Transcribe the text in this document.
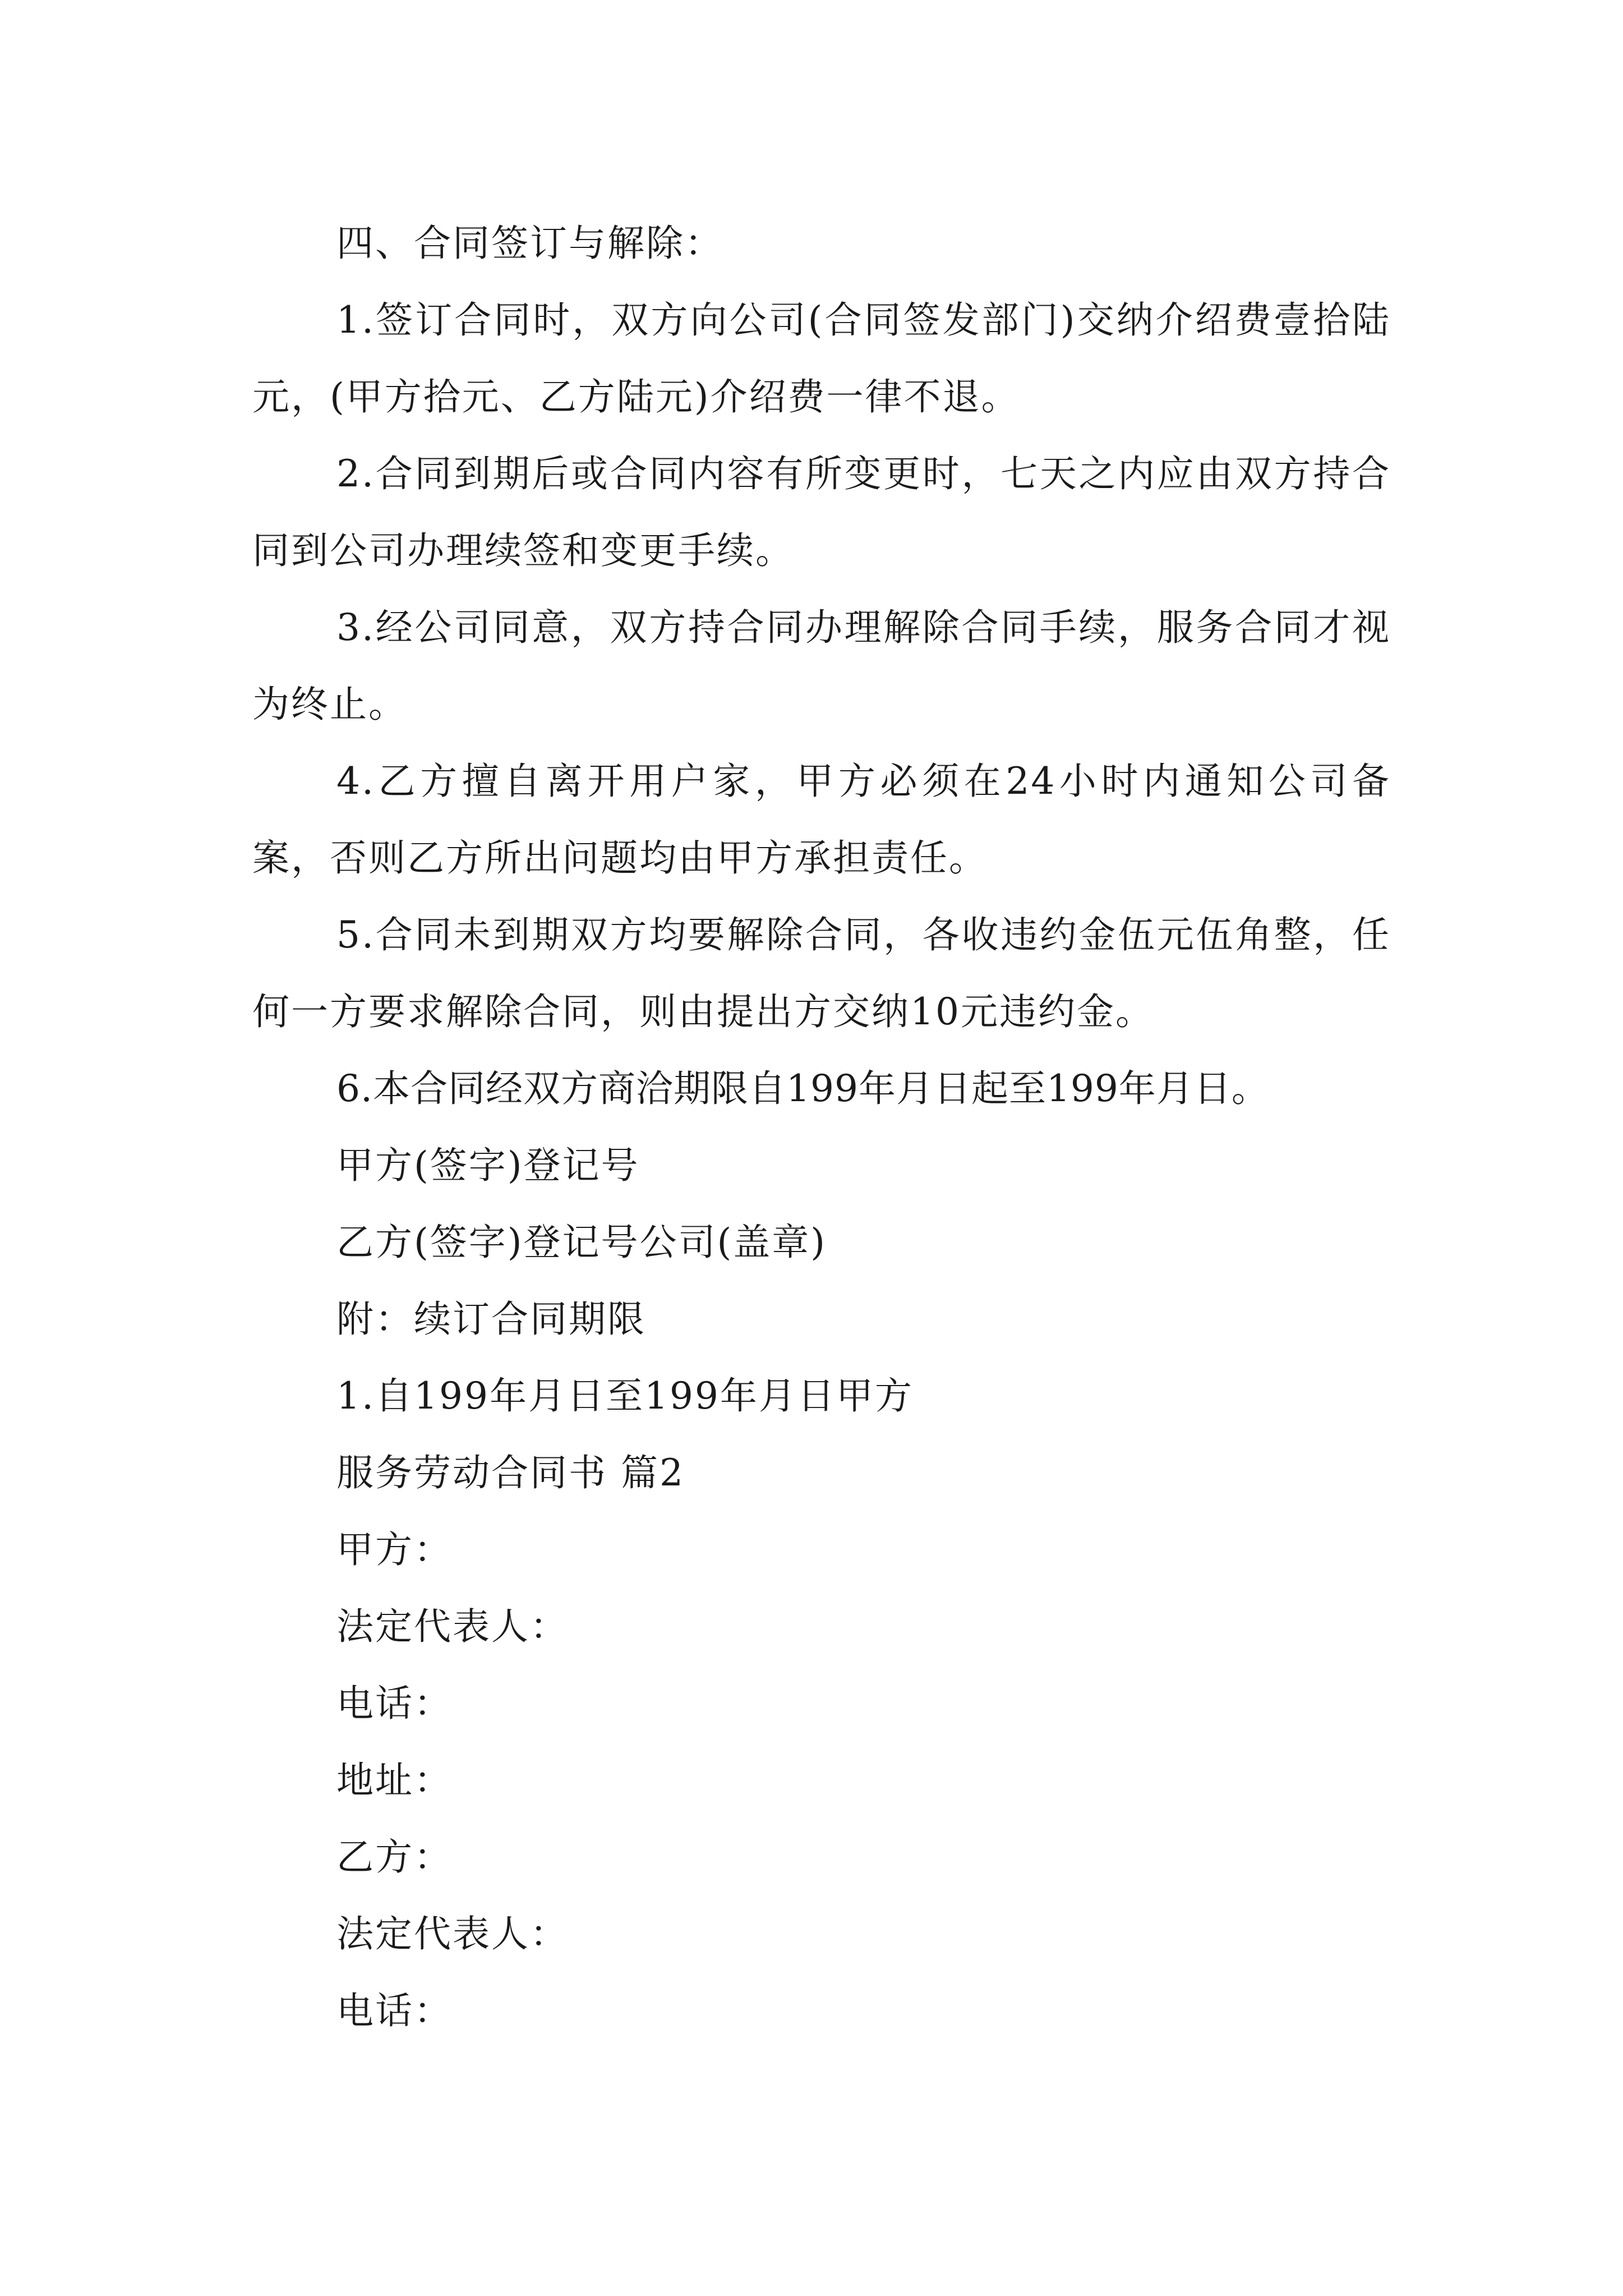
四、合同签订与解除：

1.签订合同时，双方向公司(合同签发部门)交纳介绍费壹拾陆元，(甲方拾元、乙方陆元)介绍费一律不退。

2.合同到期后或合同内容有所变更时，七天之内应由双方持合同到公司办理续签和变更手续。

3.经公司同意，双方持合同办理解除合同手续，服务合同才视为终止。

4.乙方擅自离开用户家，甲方必须在24小时内通知公司备案，否则乙方所出问题均由甲方承担责任。

5.合同未到期双方均要解除合同，各收违约金伍元伍角整，任何一方要求解除合同，则由提出方交纳10元违约金。

6.本合同经双方商洽期限自199年月日起至199年月日。

甲方(签字)登记号

乙方(签字)登记号公司(盖章)

附：续订合同期限

1.自199年月日至199年月日甲方

服务劳动合同书 篇2

甲方：

法定代表人：

电话：

地址：

乙方：

法定代表人：

电话：
